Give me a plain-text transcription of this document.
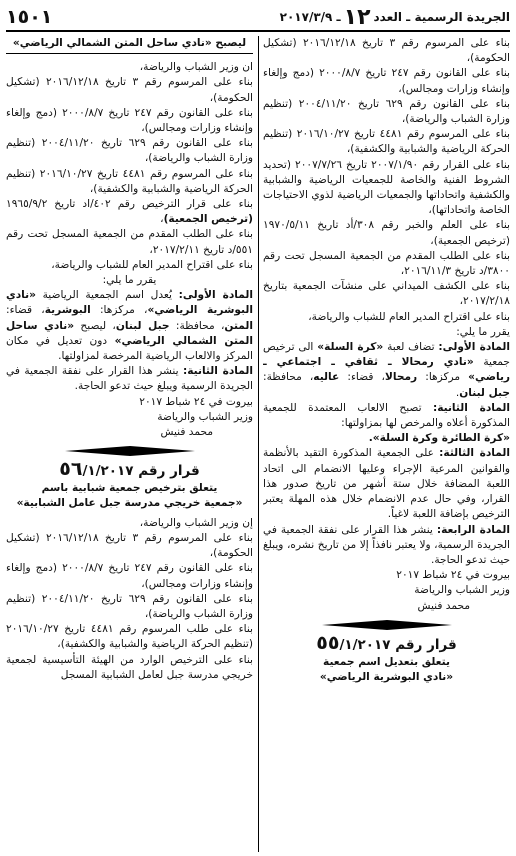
الجريدة الرسمية ـ العدد
١٢
ـ ٢٠١٧/٣/٩
١٥٠١

بناء على المرسوم رقم ٣ تاريخ ٢٠١٦/١٢/١٨ (تشكيل الحكومة)،

بناء على القانون رقم ٢٤٧ تاريخ ٢٠٠٠/٨/٧ (دمج وإلغاء وإنشاء وزارات ومجالس)،

بناء على القانون رقم ٦٢٩ تاريخ ٢٠٠٤/١١/٢٠ (تنظيم وزارة الشباب والرياضة)،

بناء على المرسوم رقم ٤٤٨١ تاريخ ٢٠١٦/١٠/٢٧ (تنظيم الحركة الرياضية والشبابية والكشفية)،

بناء على القرار رقم ٢٠٠٧/١/٩٠ تاريخ ٢٠٠٧/٧/٢٦ (تحديد الشروط الفنية والخاصة للجمعيات الرياضية والشبابية والكشفية واتحاداتها والجمعيات الرياضية لذوي الاحتياجات الخاصة واتحاداتها)،

بناء على العلم والخبر رقم ٣٠٨/أد تاريخ ١٩٧٠/٥/١١ (ترخيص الجمعية)،

بناء على الطلب المقدم من الجمعية المسجل تحت رقم ٣٨٠٠/د تاريخ ٢٠١٦/١١/٣،

بناء على الكشف الميداني على منشآت الجمعية بتاريخ ٢٠١٧/٢/١٨،

بناء على اقتراح المدير العام للشباب والرياضة،

يقرر ما يلي:

المادة الأولى: تضاف لعبة «كرة السلة» الى ترخيص جمعية «نادي رمحالا ـ ثقافي ـ اجتماعي ـ رياضي» مركزها: رمحالا، قضاء: عاليه، محافظة: جبل لبنان.

المادة الثانية: تصبح الالعاب المعتمدة للجمعية المذكورة أعلاه والمرخص لها بمزاولتها:

«كرة الطائرة وكرة السلة».

المادة الثالثة: على الجمعية المذكورة التقيد بالأنظمة والقوانين المرعية الإجراء وعليها الانضمام الى اتحاد اللعبة المضافة خلال ستة أشهر من تاريخ صدور هذا القرار، وفي حال عدم الانضمام خلال هذه المهلة يعتبر الترخيص بإضافة اللعبة لاغياً.

المادة الرابعة: ينشر هذا القرار على نفقة الجمعية في الجريدة الرسمية، ولا يعتبر نافذاً إلا من تاريخ نشره، ويبلغ حيث تدعو الحاجة.

بيروت في ٢٤ شباط ٢٠١٧

وزير الشباب والرياضة

محمد فنيش

قرار رقم ٥٥/١/٢٠١٧

يتعلق بتعديل اسم جمعية

«نادي البوشرية الرياضي»

ليصبح «نادي ساحل المتن الشمالي الرياضي»

ان وزير الشباب والرياضة،

بناء على المرسوم رقم ٣ تاريخ ٢٠١٦/١٢/١٨ (تشكيل الحكومة)،

بناء على القانون رقم ٢٤٧ تاريخ ٢٠٠٠/٨/٧ (دمج وإلغاء وإنشاء وزارات ومجالس)،

بناء على القانون رقم ٦٢٩ تاريخ ٢٠٠٤/١١/٢٠ (تنظيم وزارة الشباب والرياضة)،

بناء على المرسوم رقم ٤٤٨١ تاريخ ٢٠١٦/١٠/٢٧ (تنظيم الحركة الرياضية والشبابية والكشفية)،

بناء على قرار الترخيص رقم ٤٠٢/اد تاريخ ١٩٦٥/٩/٢ (ترخيص الجمعية)،

بناء على الطلب المقدم من الجمعية المسجل تحت رقم ٥٥١/د تاريخ ٢٠١٧/٢/١١،

بناء على اقتراح المدير العام للشباب والرياضة،

يقرر ما يلي:

المادة الأولى: يُعدل اسم الجمعية الرياضية «نادي البوشرية الرياضي»، مركزها: البوشرية، قضاء: المتن، محافظة: جبل لبنان، ليصبح «نادي ساحل المتن الشمالي الرياضي» دون تعديل في مكان المركز والالعاب الرياضية المرخصة لمزاولتها.

المادة الثانية: ينشر هذا القرار على نفقة الجمعية في الجريدة الرسمية ويبلغ حيث تدعو الحاجة.

بيروت في ٢٤ شباط ٢٠١٧

وزير الشباب والرياضة

محمد فنيش

قرار رقم ٥٦/١/٢٠١٧

يتعلق بترخيص جمعية شبابية باسم

«جمعية خريجي مدرسة جبل عامل الشبابية»

إن وزير الشباب والرياضة،

بناء على المرسوم رقم ٣ تاريخ ٢٠١٦/١٢/١٨ (تشكيل الحكومة)،

بناء على القانون رقم ٢٤٧ تاريخ ٢٠٠٠/٨/٧ (دمج وإلغاء وإنشاء وزارات ومجالس)،

بناء على القانون رقم ٦٢٩ تاريخ ٢٠٠٤/١١/٢٠ (تنظيم وزارة الشباب والرياضة)،

بناء على طلب المرسوم رقم ٤٤٨١ تاريخ ٢٠١٦/١٠/٢٧ (تنظيم الحركة الرياضية والشبابية والكشفية)،

بناء على الترخيص الوارد من الهيئة التأسيسية لجمعية خريجي مدرسة جبل لعامل الشبابية المسجل
